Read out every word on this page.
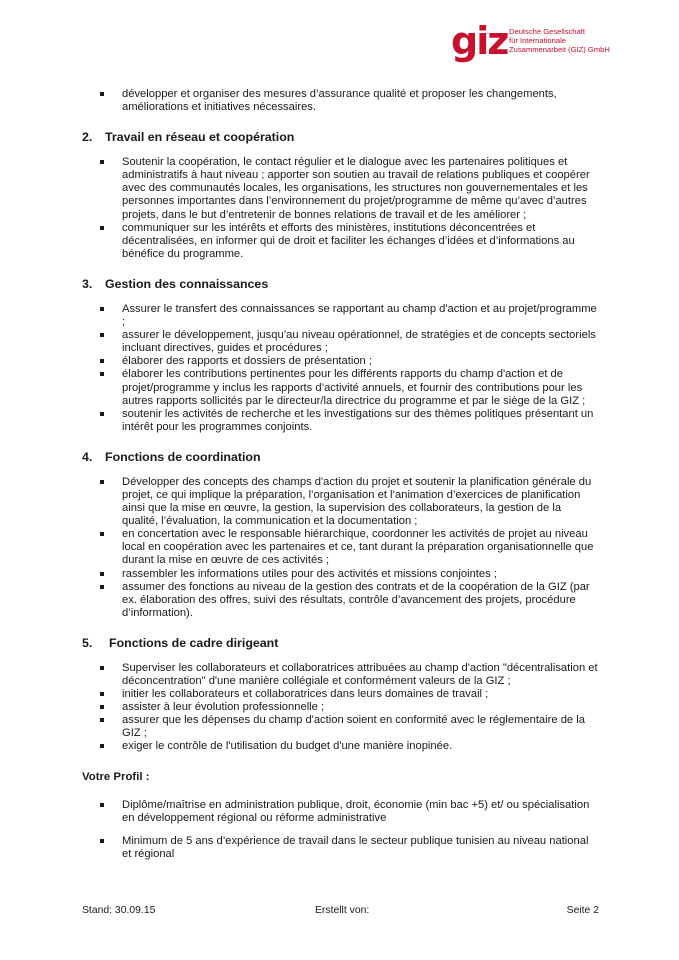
giz Deutsche Gesellschaft
für Internationale
Zusammenarbeit (GIZ) GmbH
développer et organiser des mesures d’assurance qualité et proposer les changements, améliorations et initiatives nécessaires.
2.	Travail en réseau et coopération
Soutenir la coopération, le contact régulier et le dialogue avec les partenaires politiques et administratifs à haut niveau ; apporter son soutien au travail de relations publiques et coopérer avec des communautés locales, les organisations, les structures non gouvernementales et les personnes importantes dans l’environnement du projet/programme de même qu’avec d’autres projets, dans le but d’entretenir de bonnes relations de travail et de les améliorer ;
communiquer sur les intérêts et efforts des ministères, institutions déconcentrées et décentralisées, en informer qui de droit et faciliter les échanges d’idées et d’informations au bénéfice du programme.
3.	Gestion des connaissances
Assurer le transfert des connaissances se rapportant au champ d'action et au projet/programme ;
assurer le développement, jusqu’au niveau opérationnel, de stratégies et de concepts sectoriels incluant directives, guides et procédures ;
élaborer des rapports et dossiers de présentation ;
élaborer les contributions pertinentes pour les différents rapports du champ d'action et de projet/programme y inclus les rapports d’activité annuels, et fournir des contributions pour les autres rapports sollicités par le directeur/la directrice du programme et par le siège de la GIZ ;
soutenir les activités de recherche et les investigations sur des thèmes politiques présentant un intérêt pour les programmes conjoints.
4.	Fonctions de coordination
Développer des concepts des champs d'action du projet et soutenir la planification générale du projet, ce qui implique la préparation, l’organisation et l’animation d’exercices de planification ainsi que la mise en œuvre, la gestion, la supervision des collaborateurs, la gestion de la qualité, l’évaluation, la communication et la documentation ;
en concertation avec le responsable hiérarchique, coordonner les activités de projet au niveau local en coopération avec les partenaires et ce, tant durant la préparation organisationnelle que durant la mise en œuvre de ces activités ;
rassembler les informations utiles pour des activités et missions conjointes ;
assumer des fonctions au niveau de la gestion des contrats et de la coopération de la GIZ (par ex. élaboration des offres, suivi des résultats, contrôle d’avancement des projets, procédure d’information).
5.	Fonctions de cadre dirigeant
Superviser les collaborateurs et collaboratrices attribuées au champ d'action "décentralisation et déconcentration" d'une manière collégiale et conformément valeurs de la GIZ ;
initier les collaborateurs et collaboratrices dans leurs domaines de travail ;
assister à leur évolution professionnelle ;
assurer que les dépenses du champ d'action soient en conformité avec le réglementaire de la GIZ ;
exiger le contrôle de l'utilisation du budget d'une manière inopinée.
Votre Profil :
Diplôme/maîtrise en administration publique, droit, économie (min bac +5) et/ ou spécialisation en développement régional ou réforme administrative
Minimum de 5 ans d’expérience de travail dans le secteur publique tunisien au niveau national et régional
Stand: 30.09.15	Erstellt von:	Seite 2
